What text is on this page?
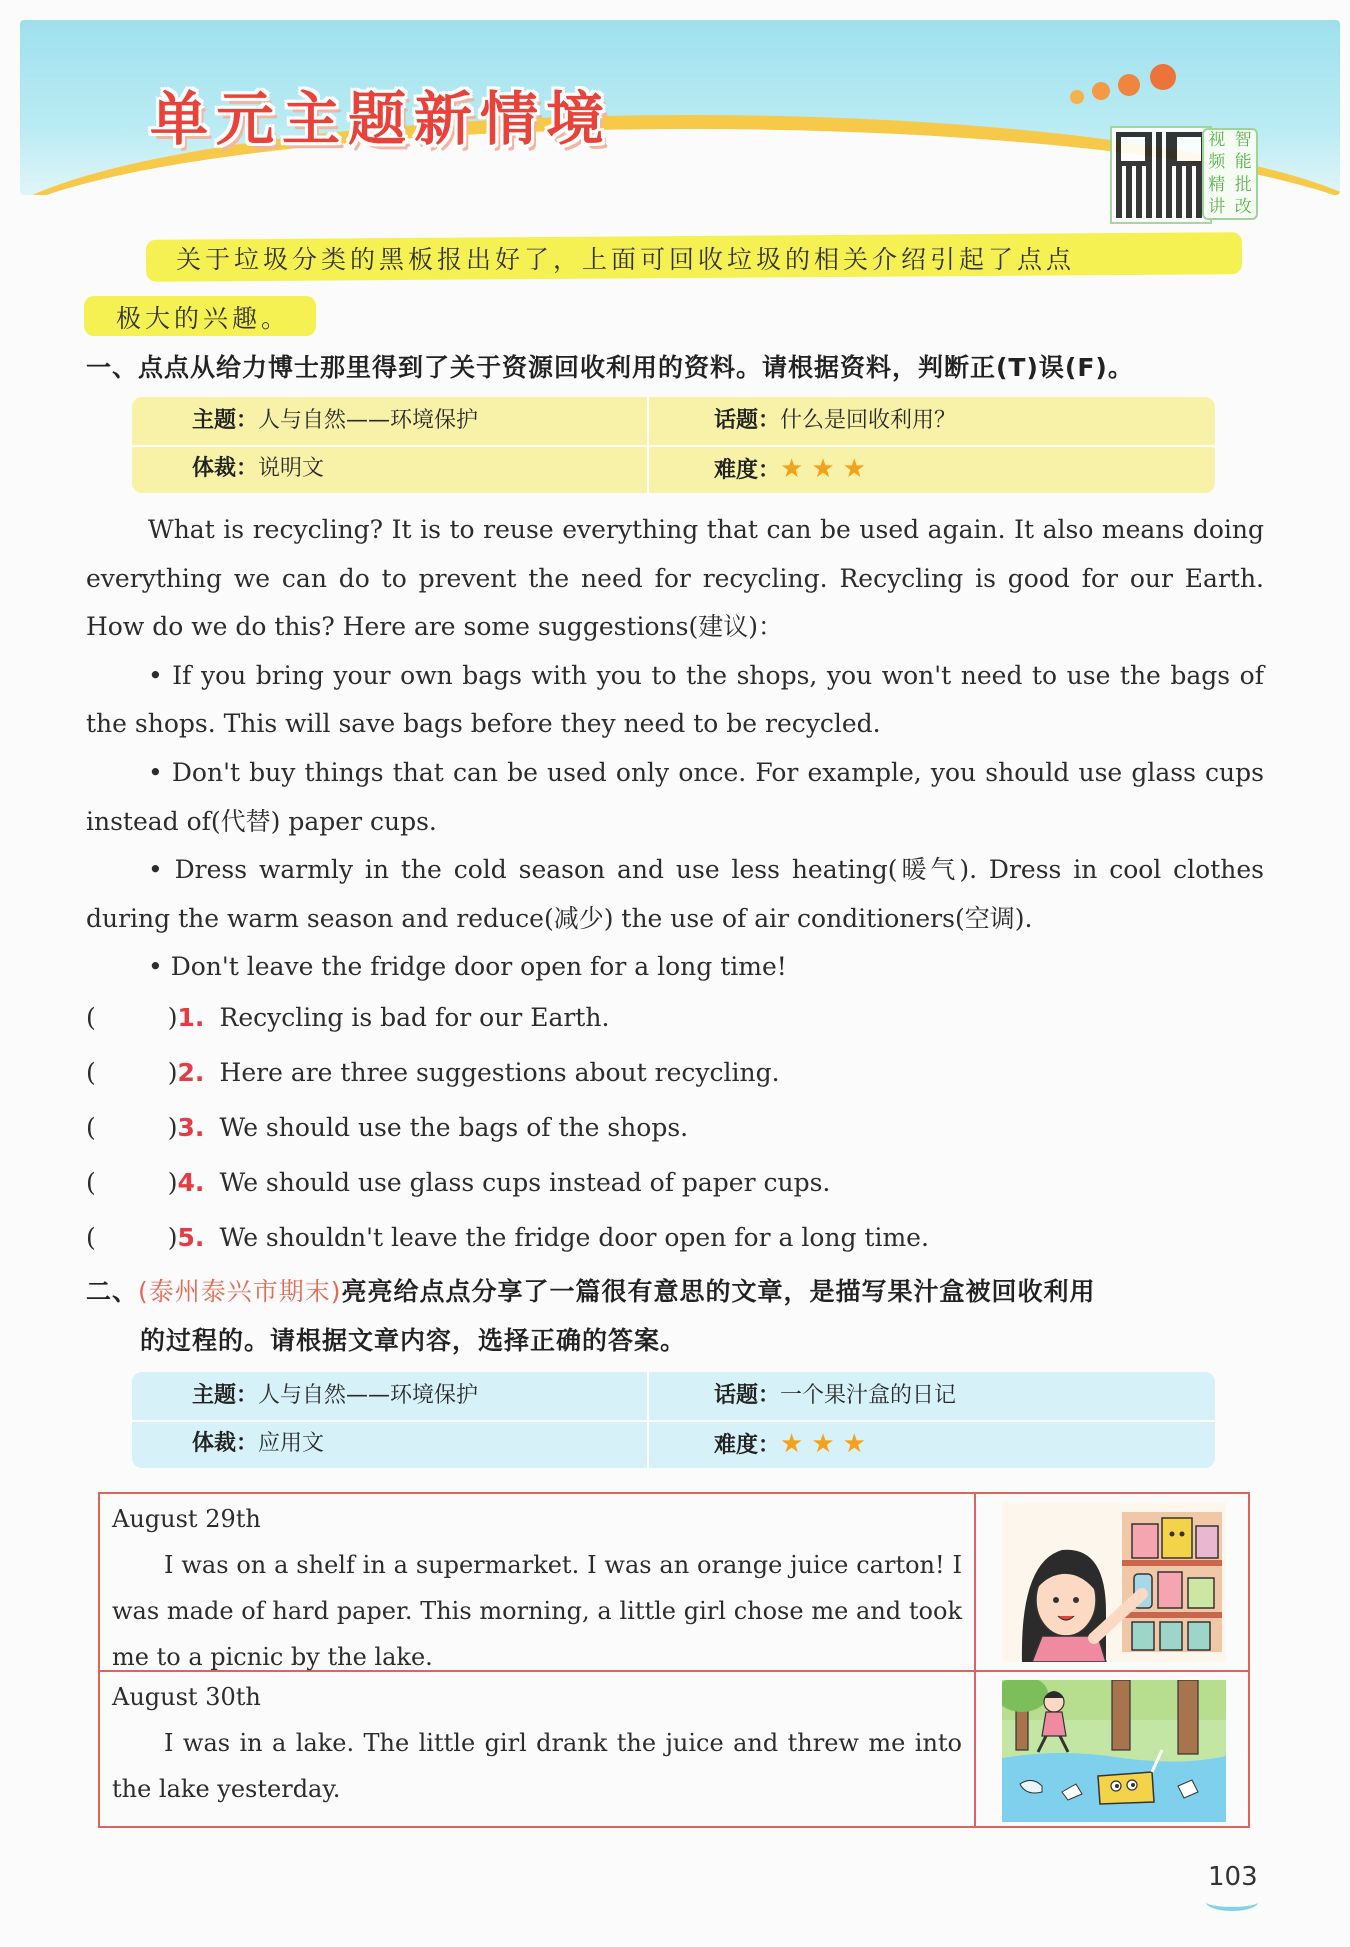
单元主题新情境	视 智
频 能
精 批
讲 改
关于垃圾分类的黑板报出好了，上面可回收垃圾的相关介绍引起了点点
极大的兴趣。
一、点点从给力博士那里得到了关于资源回收利用的资料。请根据资料，判断正(T)误(F)。
主题：人与自然——环境保护	话题：什么是回收利用？
体裁：说明文	难度：★ ★ ★

What is recycling? It is to reuse everything that can be used again. It also means doing everything we can do to prevent the need for recycling. Recycling is good for our Earth. How do we do this? Here are some suggestions(建议)：

• If you bring your own bags with you to the shops, you won't need to use the bags of the shops. This will save bags before they need to be recycled.

• Don't buy things that can be used only once. For example, you should use glass cups instead of(代替) paper cups.

• Dress warmly in the cold season and use less heating(暖气). Dress in cool clothes during the warm season and reduce(减少) the use of air conditioners(空调).

• Don't leave the fridge door open for a long time!

(	)1. Recycling is bad for our Earth.
(	)2. Here are three suggestions about recycling.
(	)3. We should use the bags of the shops.
(	)4. We should use glass cups instead of paper cups.
(	)5. We shouldn't leave the fridge door open for a long time.
二、(泰州泰兴市期末)亮亮给点点分享了一篇很有意思的文章，是描写果汁盒被回收利用
的过程的。请根据文章内容，选择正确的答案。
主题：人与自然——环境保护	话题：一个果汁盒的日记
体裁：应用文	难度：★ ★ ★

August 29th

I was on a shelf in a supermarket. I was an orange juice carton! I was made of hard paper. This morning, a little girl chose me and took me to a picnic by the lake.

August 30th

I was in a lake. The little girl drank the juice and threw me into the lake yesterday.

103
